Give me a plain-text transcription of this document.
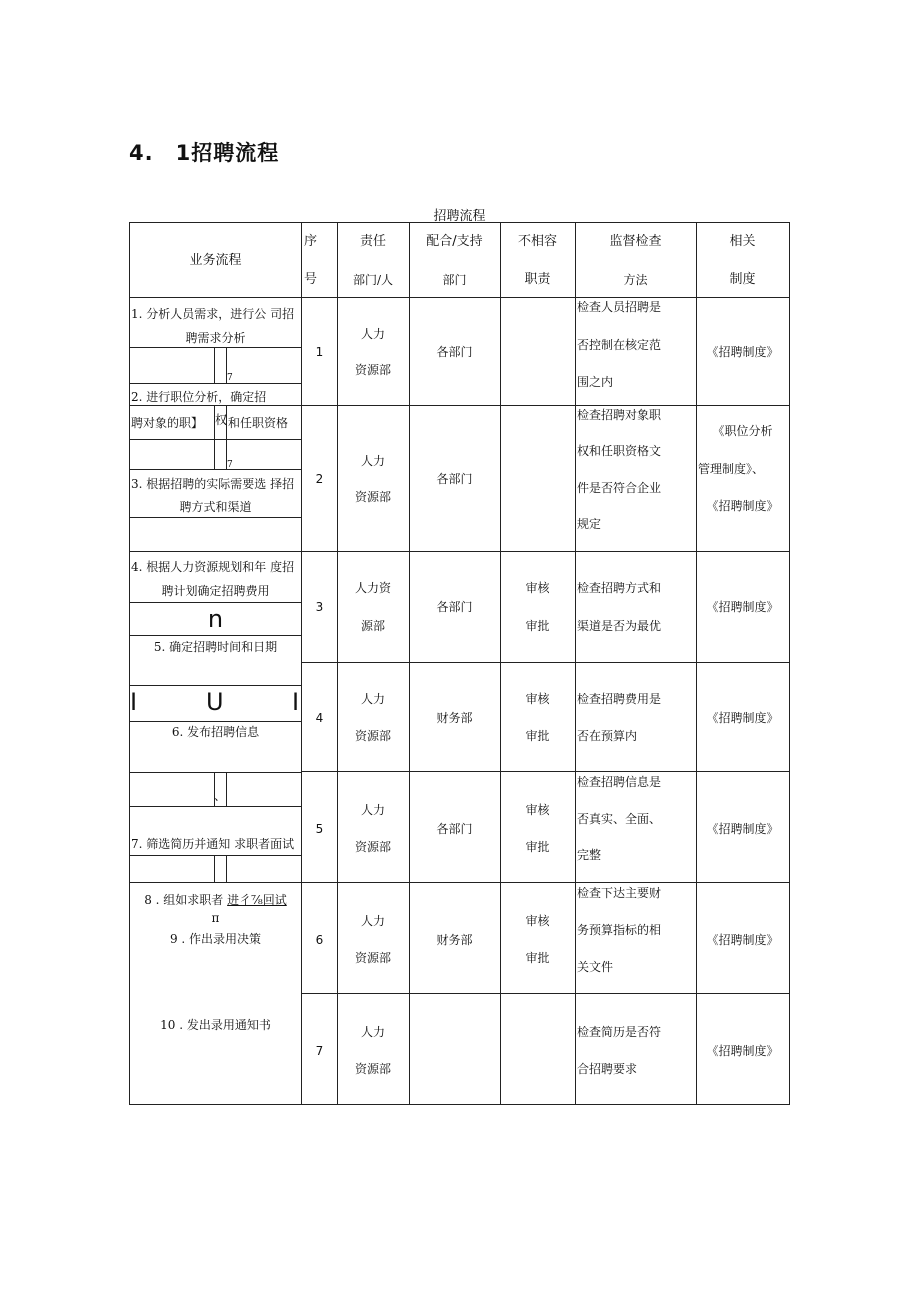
4.　1招聘流程
招聘流程
业务流程
序
号
责任
部门/人
配合/支持
部门
不相容
职责
监督检查
方法
相关
制度
1. 分析人员需求，进行公 司招
聘需求分析
7
2. 进行职位分析，确定招
聘对象的职】 权 和任职资格
7
3. 根据招聘的实际需要选 择招
聘方式和渠道
4. 根据人力资源规划和年 度招
聘计划确定招聘费用
n
5. 确定招聘时间和日期
I	U	I
6. 发布招聘信息
、
7. 筛选简历并通知 求职者面试
8 . 组如求职者 进彳⅞回试
π
9 . 作出录用决策
10 . 发出录用通知书
1
人力
资源部
各部门
检查人员招聘是
否控制在核定范
围之内
《招聘制度》
2
人力
资源部
各部门
检查招聘对象职
权和任职资格文
件是否符合企业
规定
《职位分析
管理制度》、
《招聘制度》
3
人力资
源部
各部门
审核
审批
检查招聘方式和
渠道是否为最优
《招聘制度》
4
人力
资源部
财务部
审核
审批
检查招聘费用是
否在预算内
《招聘制度》
5
人力
资源部
各部门
审核
审批
检查招聘信息是
否真实、全面、
完整
《招聘制度》
6
人力
资源部
财务部
审核
审批
检查下达主要财
务预算指标的相
关文件
《招聘制度》
7
人力
资源部
检查简历是否符
合招聘要求
《招聘制度》
